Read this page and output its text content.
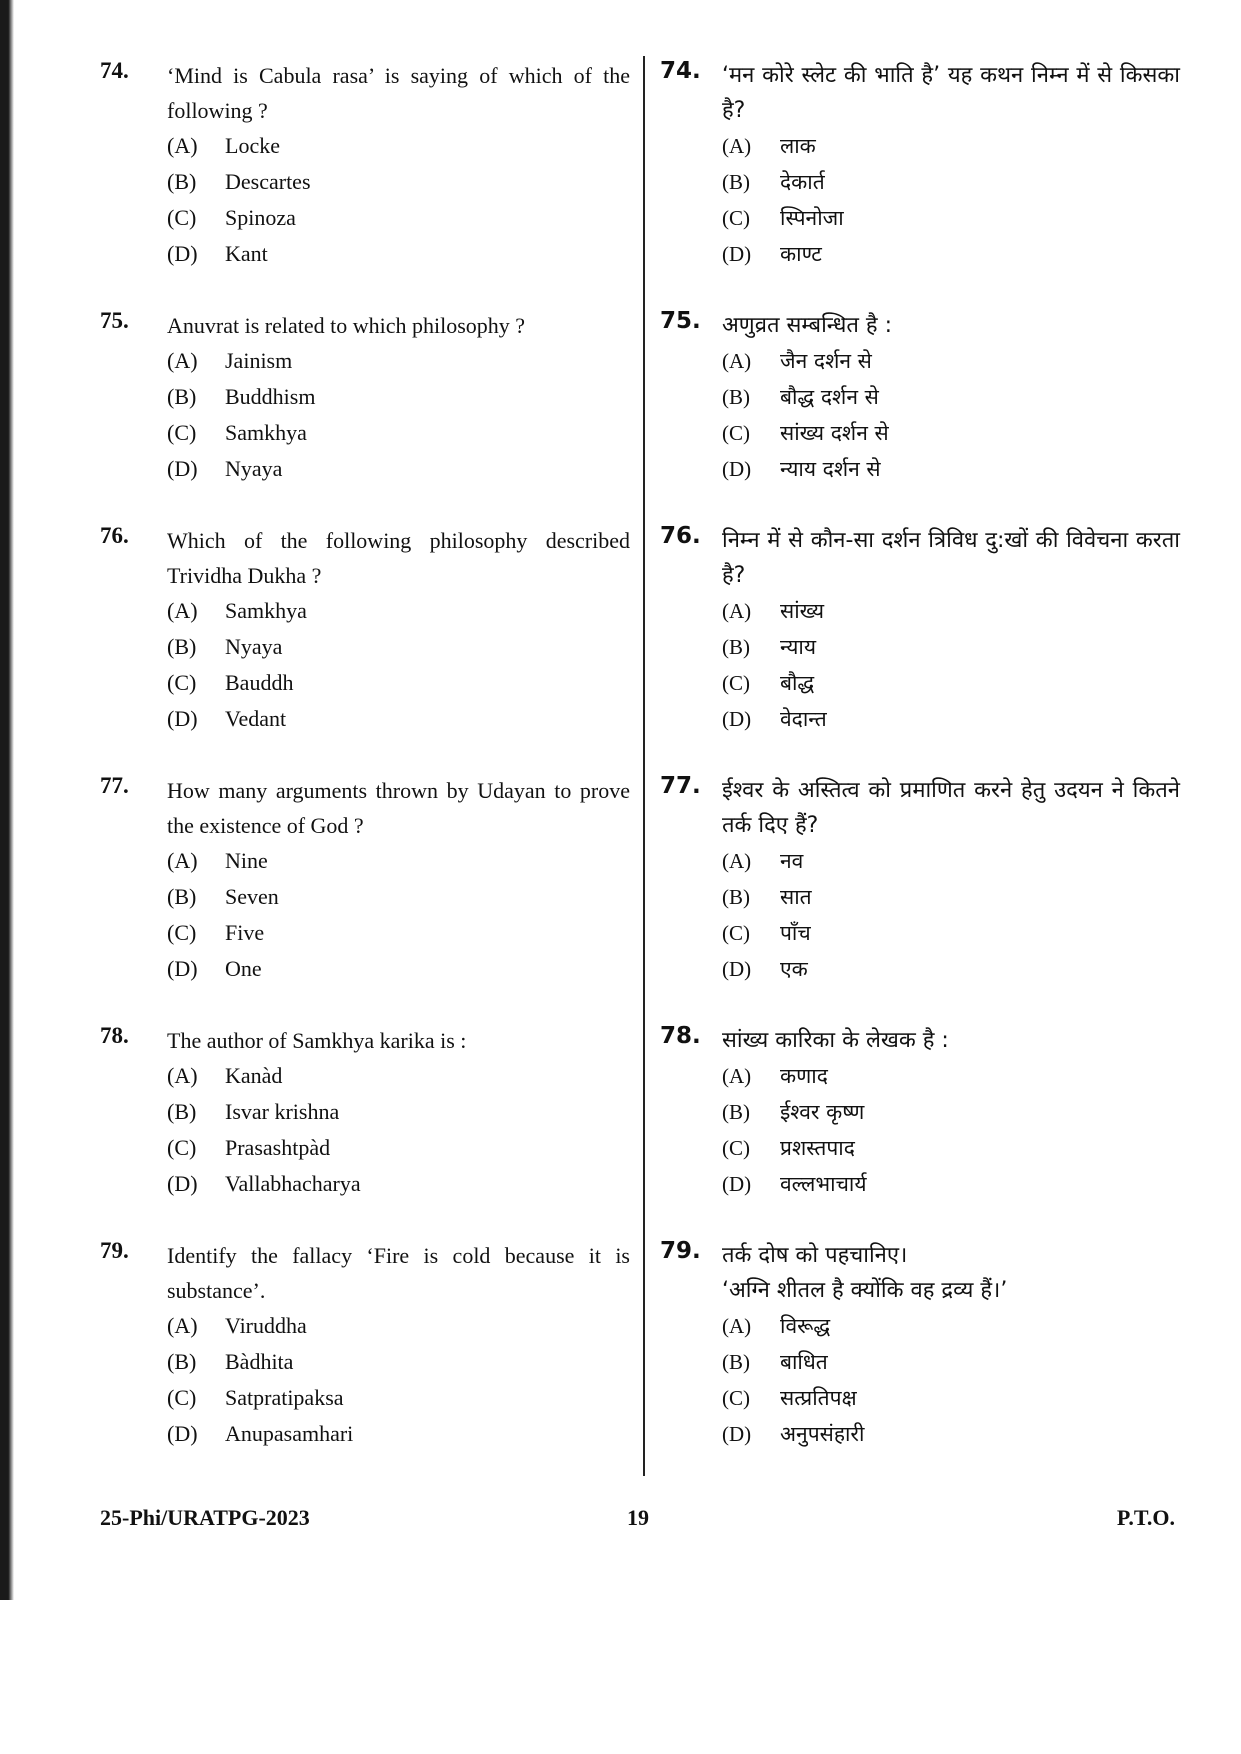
74. ‘Mind is Cabula rasa’ is saying of which of the following ?
(A)	Locke
(B)	Descartes
(C)	Spinoza
(D)	Kant
75. Anuvrat is related to which philosophy ?
(A)	Jainism
(B)	Buddhism
(C)	Samkhya
(D)	Nyaya
76. Which of the following philosophy described Trividha Dukha ?
(A)	Samkhya
(B)	Nyaya
(C)	Bauddh
(D)	Vedant
77. How many arguments thrown by Udayan to prove the existence of God ?
(A)	Nine
(B)	Seven
(C)	Five
(D)	One
78. The author of Samkhya karika is :
(A)	Kanàd
(B)	Isvar krishna
(C)	Prasashtpàd
(D)	Vallabhacharya
79. Identify the fallacy ‘Fire is cold because it is substance’.
(A)	Viruddha
(B)	Bàdhita
(C)	Satpratipaksa
(D)	Anupasamhari
74. ‘मन कोरे स्लेट की भाति है’ यह कथन निम्न में से किसका है?
(A)	लाक
(B)	देकार्त
(C)	स्पिनोजा
(D)	काण्ट
75. अणुव्रत सम्बन्धित है :
(A)	जैन दर्शन से
(B)	बौद्ध दर्शन से
(C)	सांख्य दर्शन से
(D)	न्याय दर्शन से
76. निम्न में से कौन-सा दर्शन त्रिविध दु:खों की विवेचना करता है?
(A)	सांख्य
(B)	न्याय
(C)	बौद्ध
(D)	वेदान्त
77. ईश्वर के अस्तित्व को प्रमाणित करने हेतु उदयन ने कितने तर्क दिए हैं?
(A)	नव
(B)	सात
(C)	पाँच
(D)	एक
78. सांख्य कारिका के लेखक है :
(A)	कणाद
(B)	ईश्वर कृष्ण
(C)	प्रशस्तपाद
(D)	वल्लभाचार्य
79. तर्क दोष को पहचानिए।
‘अग्नि शीतल है क्योंकि वह द्रव्य हैं।’
(A)	विरूद्ध
(B)	बाधित
(C)	सत्प्रतिपक्ष
(D)	अनुपसंहारी
25-Phi/URATPG-2023	19	P.T.O.
